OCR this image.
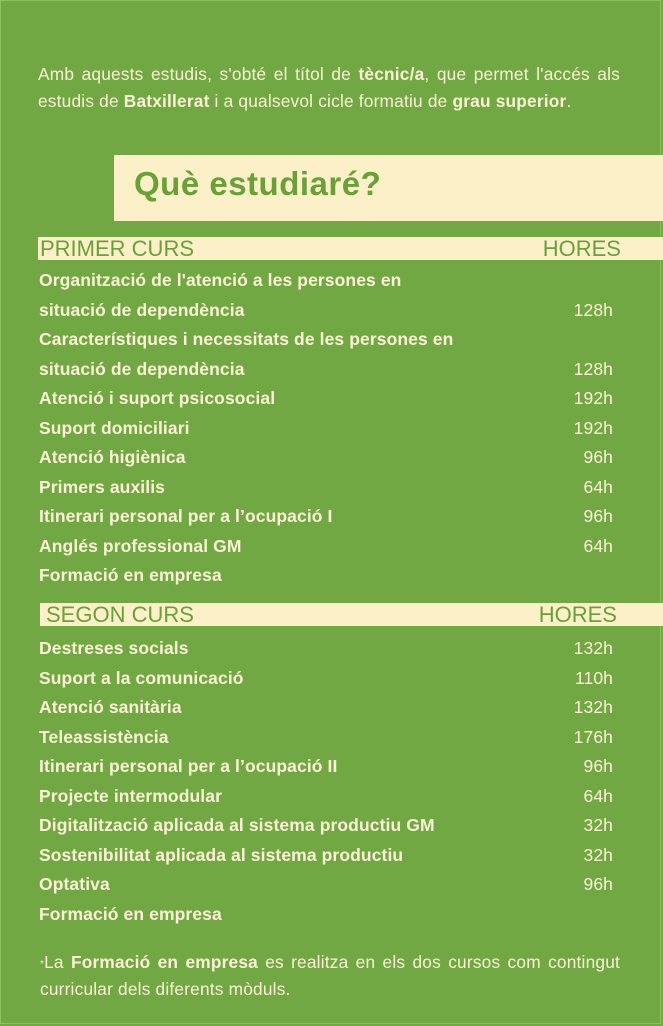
Amb aquests estudis, s'obté el títol de tècnic/a, que permet l'accés als estudis de Batxillerat i a qualsevol cicle formatiu de grau superior.

Què estudiaré?
PRIMER CURS	HORES
Organització de l'atenció a les persones en situació de dependència	128h
Característiques i necessitats de les persones en situació de dependència	128h
Atenció i suport psicosocial	192h
Suport domiciliari	192h
Atenció higiènica	96h
Primers auxilis	64h
Itinerari personal per a l’ocupació I	96h
Anglés professional GM	64h
Formació en empresa
SEGON CURS	HORES
Destreses socials	132h
Suport a la comunicació	110h
Atenció sanitària	132h
Teleassistència	176h
Itinerari personal per a l’ocupació II	96h
Projecte intermodular	64h
Digitalització aplicada al sistema productiu GM	32h
Sostenibilitat aplicada al sistema productiu	32h
Optativa	96h
Formació en empresa

*La Formació en empresa es realitza en els dos cursos com contingut curricular dels diferents mòduls.
